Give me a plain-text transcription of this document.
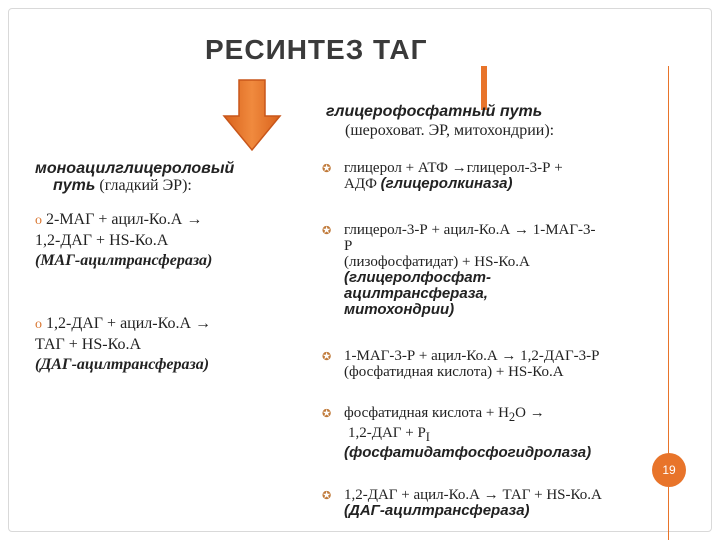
РЕСИНТЕЗ ТАГ
глицерофосфатный путь
(шероховат. ЭР, митохондрии):
моноацилглицероловый
путь (гладкий ЭР):
o 2-МАГ + ацил-Ко.А →
1,2-ДАГ + HS-Ко.А
(МАГ-ацилтрансфераза)
o 1,2-ДАГ + ацил-Ко.А →
ТАГ + HS-Ко.А
(ДАГ-ацилтрансфераза)
✪ глицерол + АТФ →глицерол-3-Р +
АДФ (глицеролкиназа)
✪ глицерол-3-Р + ацил-Ко.А → 1-МАГ-3-
Р
(лизофосфатидат) + HS-Ко.А
(глицеролфосфат-
ацилтрансфераза,
митохондрии)
✪ 1-МАГ-3-Р + ацил-Ко.А → 1,2-ДАГ-3-Р
(фосфатидная кислота) + HS-Ко.А
✪ фосфатидная кислота + $Н_2О$ →
$1,2-ДАГ + Р_I$
(фосфатидатфосфогидролаза)
19
✪ 1,2-ДАГ + ацил-Ко.А → ТАГ + HS-Ко.А
(ДАГ-ацилтрансфераза)
